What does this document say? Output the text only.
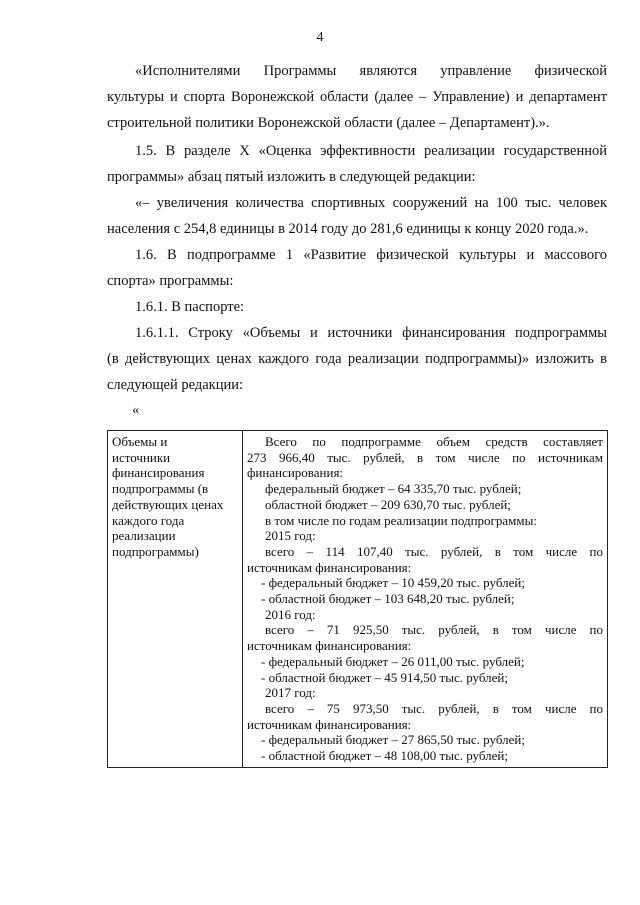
4

«Исполнителями Программы являются управление физической
культуры и спорта Воронежской области (далее – Управление) и департамент
строительной политики Воронежской области (далее – Департамент).».

1.5. В разделе X «Оценка эффективности реализации государственной
программы» абзац пятый изложить в следующей редакции:

«– увеличения количества спортивных сооружений на 100 тыс. человек
населения с 254,8 единицы в 2014 году до 281,6 единицы к концу 2020 года.».

1.6. В подпрограмме 1 «Развитие физической культуры и массового
спорта» программы:

1.6.1. В паспорте:

1.6.1.1. Строку «Объемы и источники финансирования подпрограммы
(в действующих ценах каждого года реализации подпрограммы)» изложить в
следующей редакции:

«
Объемы и
источники
финансирования
подпрограммы (в
действующих ценах
каждого года
реализации
подпрограммы)

Всего по подпрограмме объем средств составляет
273 966,40 тыс. рублей, в том числе по источникам
финансирования:
федеральный бюджет – 64 335,70 тыс. рублей;
областной бюджет – 209 630,70 тыс. рублей;
в том числе по годам реализации подпрограммы:
2015 год:
всего – 114 107,40 тыс. рублей, в том числе по
источникам финансирования:
- федеральный бюджет – 10 459,20 тыс. рублей;
- областной бюджет – 103 648,20 тыс. рублей;
2016 год:
всего – 71 925,50 тыс. рублей, в том числе по
источникам финансирования:
- федеральный бюджет – 26 011,00 тыс. рублей;
- областной бюджет – 45 914,50 тыс. рублей;
2017 год:
всего – 75 973,50 тыс. рублей, в том числе по
источникам финансирования:
- федеральный бюджет – 27 865,50 тыс. рублей;
- областной бюджет – 48 108,00 тыс. рублей;
